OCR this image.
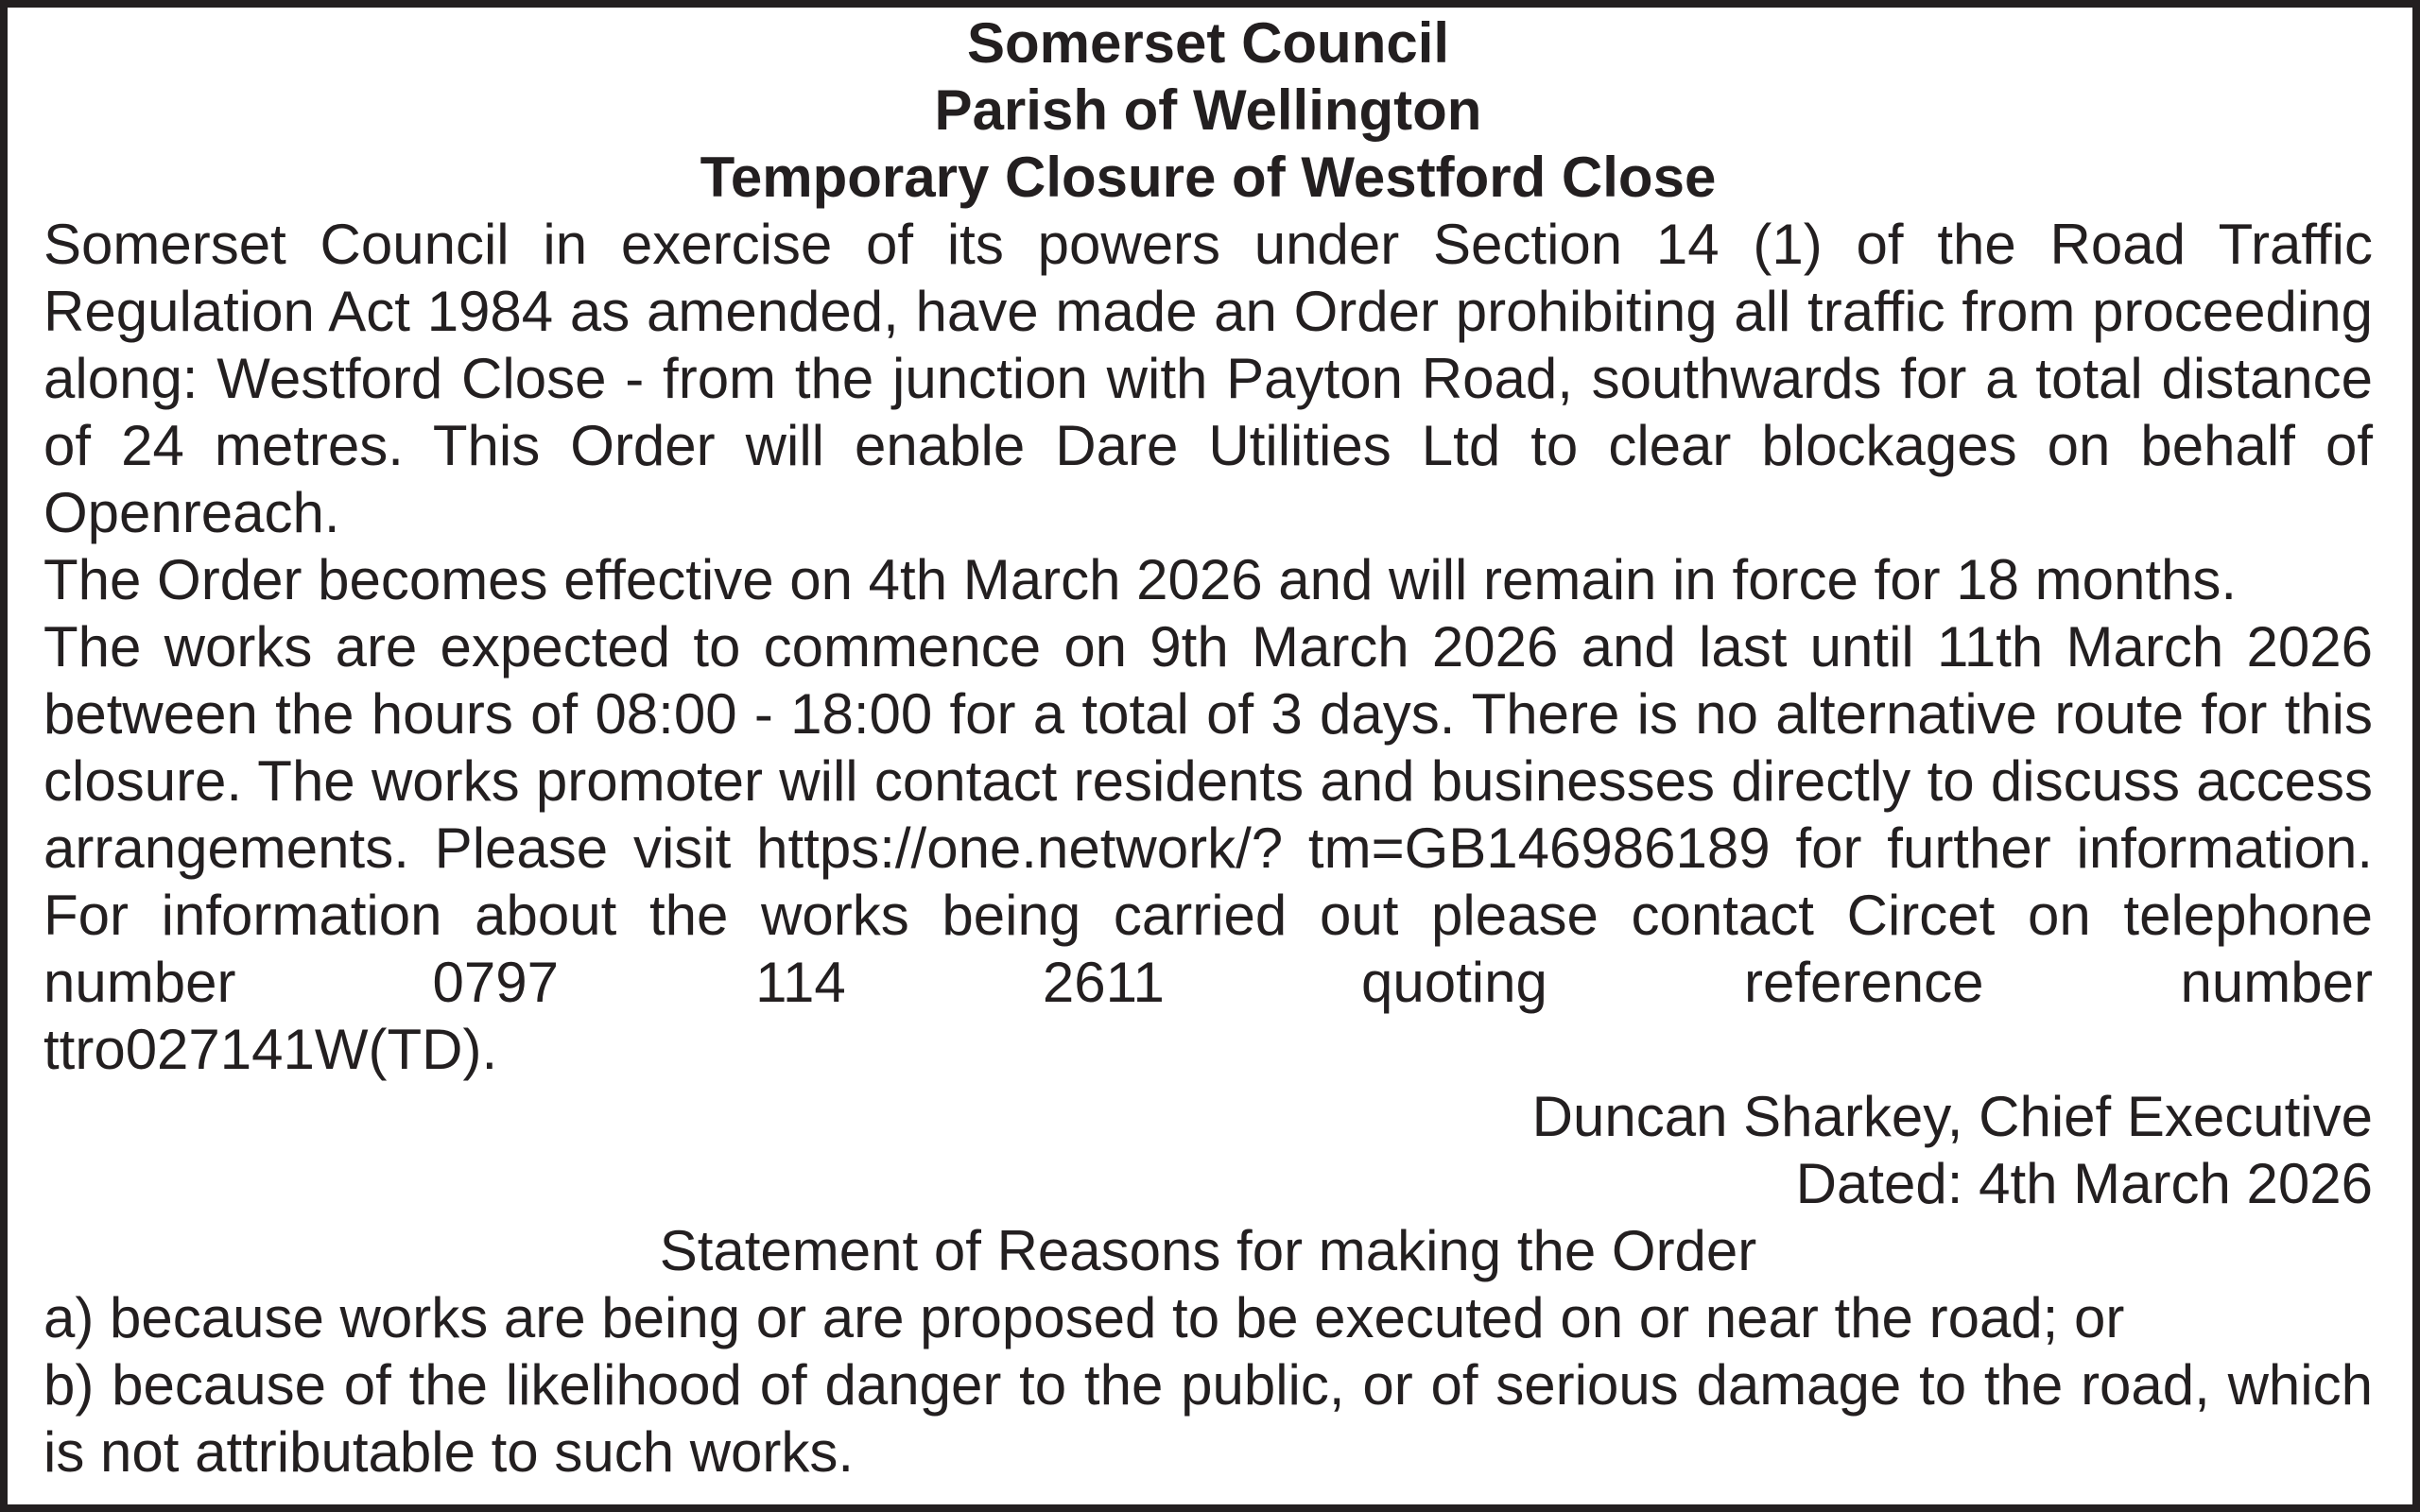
Somerset Council
Parish of Wellington
Temporary Closure of Westford Close

Somerset Council in exercise of its powers under Section 14 (1) of the Road Traffic Regulation Act 1984 as amended, have made an Order prohibiting all traffic from proceeding along: Westford Close - from the junction with Payton Road, southwards for a total distance of 24 metres. This Order will enable Dare Utilities Ltd to clear blockages on behalf of Openreach.

The Order becomes effective on 4th March 2026 and will remain in force for 18 months.

The works are expected to commence on 9th March 2026 and last until 11th March 2026 between the hours of 08:00 - 18:00 for a total of 3 days. There is no alternative route for this closure. The works promoter will contact residents and businesses directly to discuss access arrangements. Please visit https://one.network/? tm=GB146986189 for further information. For information about the works being carried out please contact Circet on telephone number 0797 114 2611 quoting reference number

ttro027141W(TD).

Duncan Sharkey, Chief Executive

Dated: 4th March 2026

Statement of Reasons for making the Order

a) because works are being or are proposed to be executed on or near the road; or

b) because of the likelihood of danger to the public, or of serious damage to the road, which is not attributable to such works.
